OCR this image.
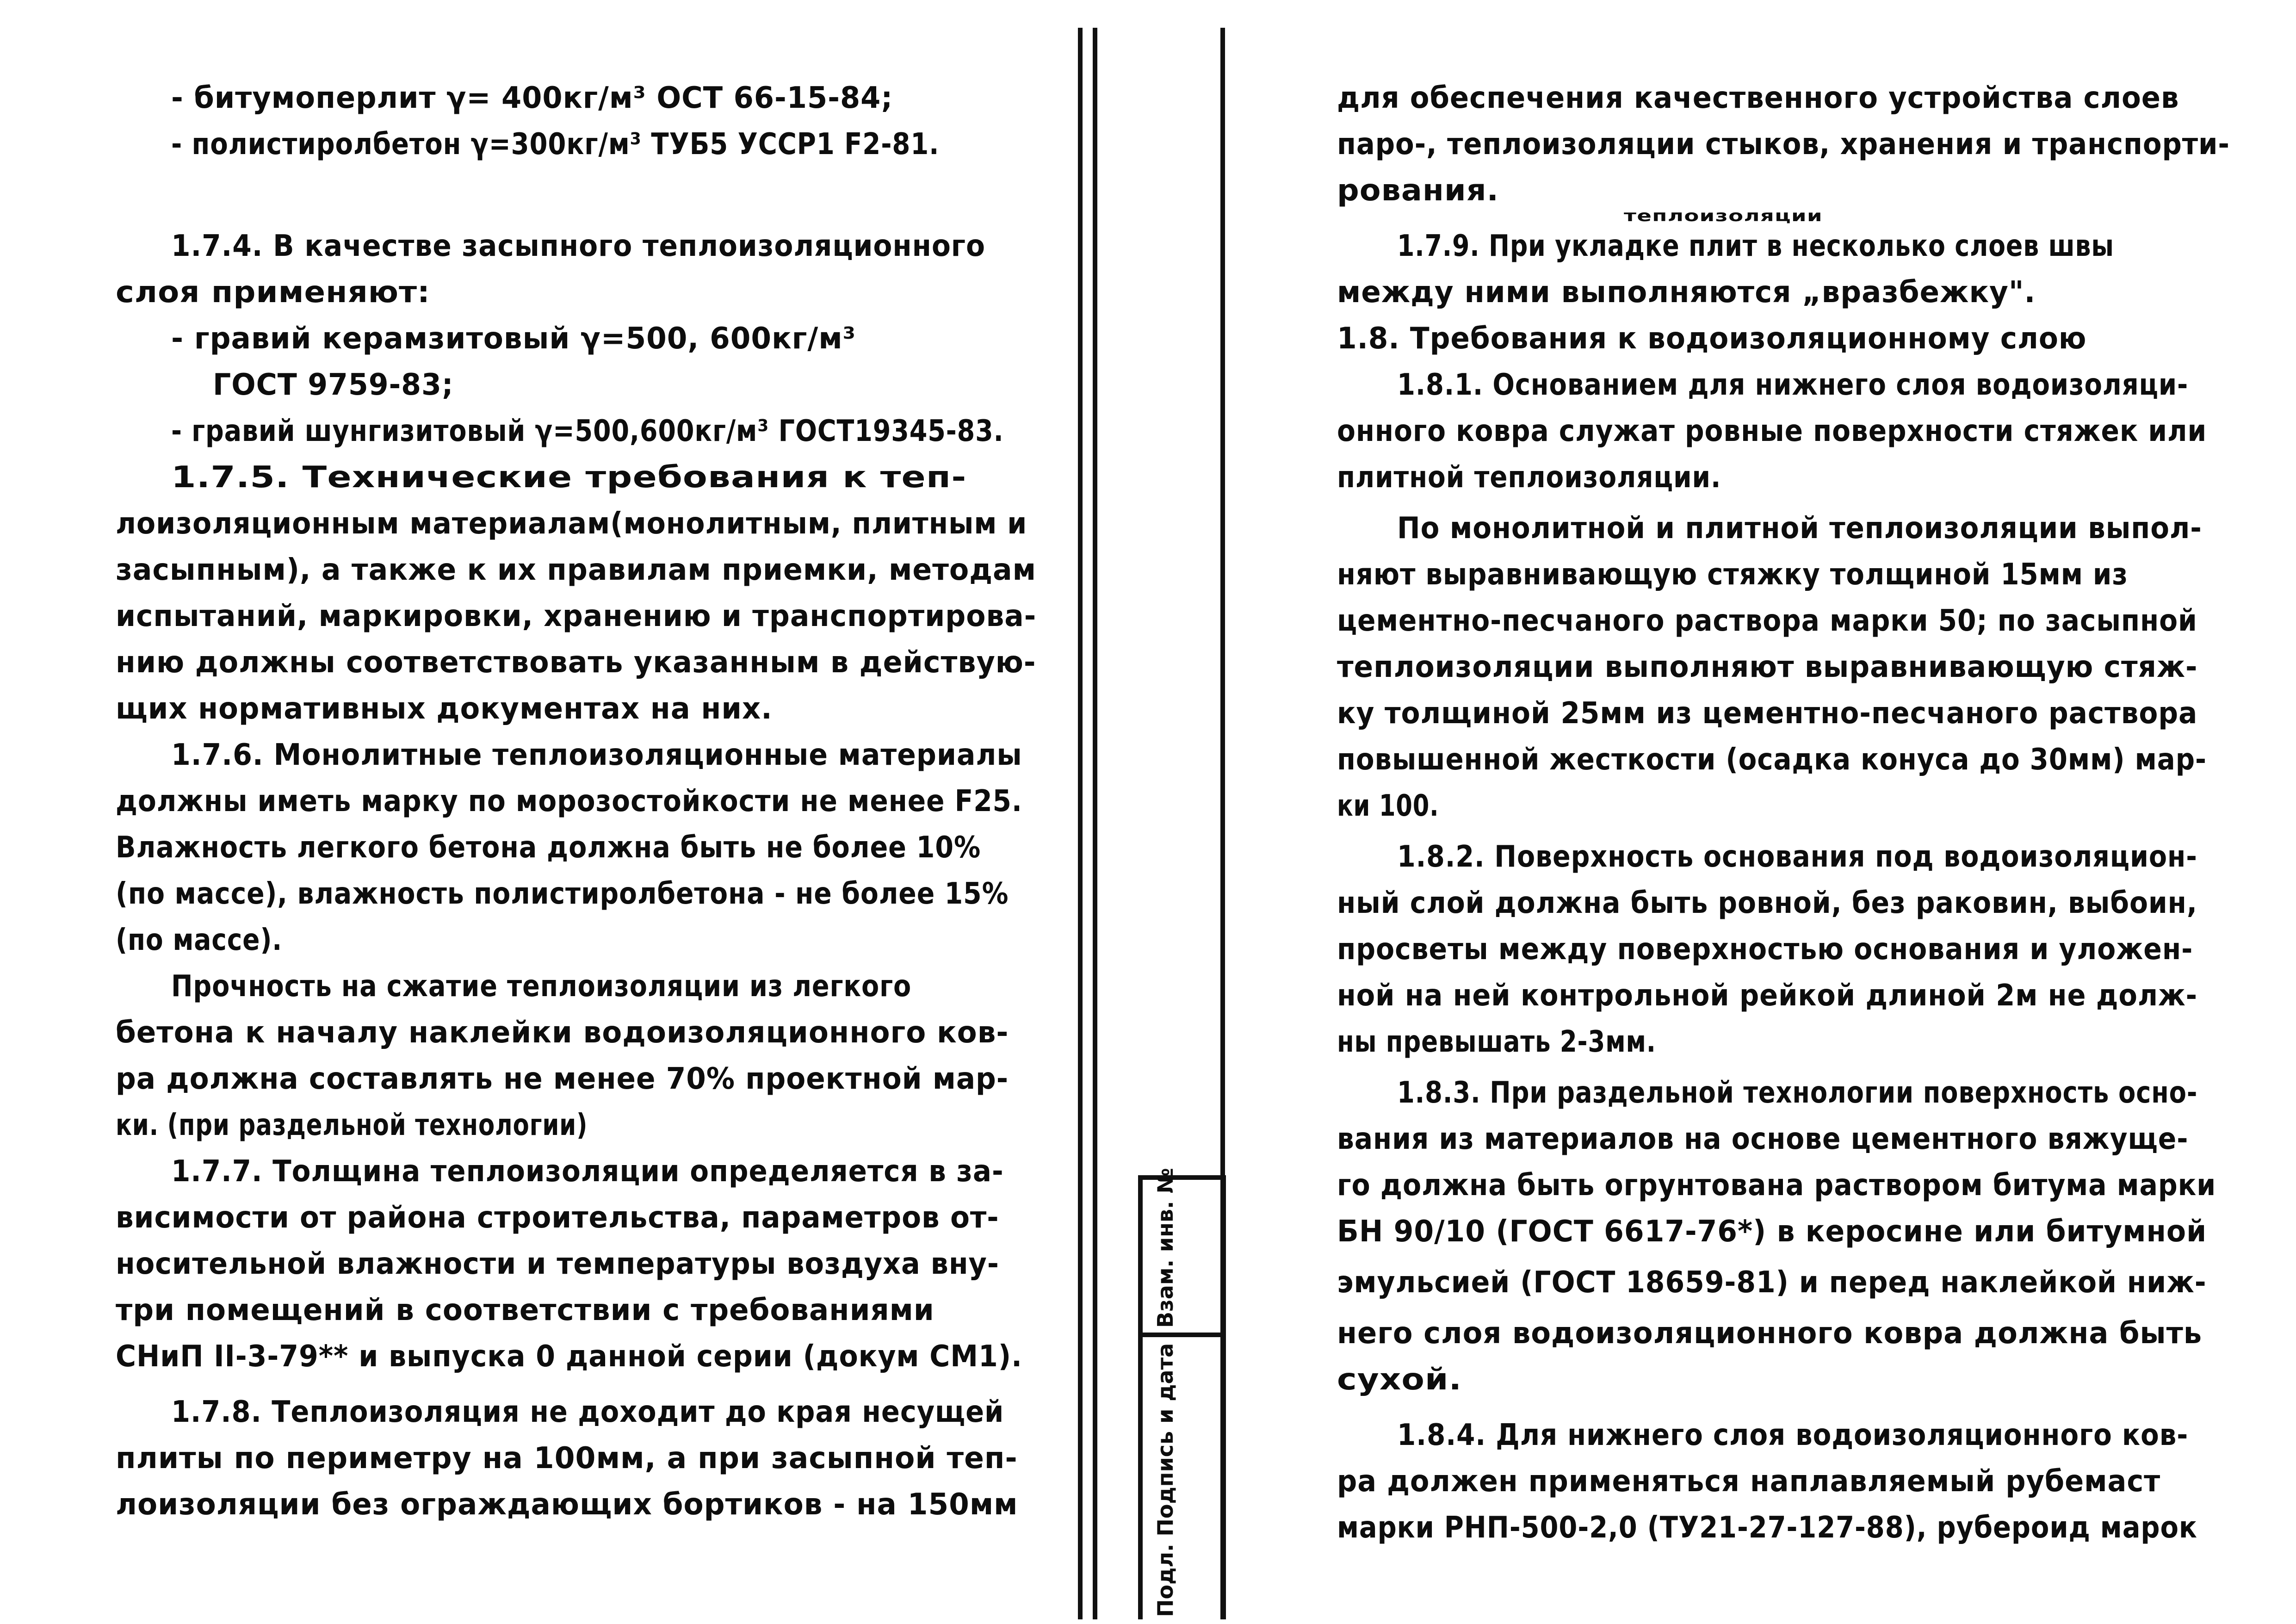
- битумоперлит γ= 400кг/м³ ОСТ 66-15-84;
- полистиролбетон γ=300кг/м³ ТУБ5 УССР1 F2-81.
1.7.4. В качестве засыпного теплоизоляционного
слоя применяют:
- гравий керамзитовый γ=500, 600кг/м³
ГОСТ 9759-83;
- гравий шунгизитовый γ=500,600кг/м³ ГОСТ19345-83.
1.7.5. Технические требования к теп-
лоизоляционным материалам(монолитным, плитным и
засыпным), а также к их правилам приемки, методам
испытаний, маркировки, хранению и транспортирова-
нию должны соответствовать указанным в действую-
щих нормативных документах на них.
1.7.6. Монолитные теплоизоляционные материалы
должны иметь марку по морозостойкости не менее F25.
Влажность легкого бетона должна быть не более 10%
(по массе), влажность полистиролбетона - не более 15%
(по массе).
Прочность на сжатие теплоизоляции из легкого
бетона к началу наклейки водоизоляционного ков-
ра должна составлять не менее 70% проектной мар-
ки. (при раздельной технологии)
1.7.7. Толщина теплоизоляции определяется в за-
висимости от района строительства, параметров от-
носительной влажности и температуры воздуха вну-
три помещений в соответствии с требованиями
СНиП II-3-79** и выпуска 0 данной серии (докум СМ1).
1.7.8. Теплоизоляция не доходит до края несущей
плиты по периметру на 100мм, а при засыпной теп-
лоизоляции без ограждающих бортиков - на 150мм
для обеспечения качественного устройства слоев
паро-, теплоизоляции стыков, хранения и транспорти-
рования.
теплоизоляции
1.7.9. При укладке плит в несколько слоев швы
между ними выполняются „вразбежку".
1.8. Требования к водоизоляционному слою
1.8.1. Основанием для нижнего слоя водоизоляци-
онного ковра служат ровные поверхности стяжек или
плитной теплоизоляции.
По монолитной и плитной теплоизоляции выпол-
няют выравнивающую стяжку толщиной 15мм из
цементно-песчаного раствора марки 50; по засыпной
теплоизоляции выполняют выравнивающую стяж-
ку толщиной 25мм из цементно-песчаного раствора
повышенной жесткости (осадка конуса до 30мм) мар-
ки 100.
1.8.2. Поверхность основания под водоизоляцион-
ный слой должна быть ровной, без раковин, выбоин,
просветы между поверхностью основания и уложен-
ной на ней контрольной рейкой длиной 2м не долж-
ны превышать 2-3мм.
1.8.3. При раздельной технологии поверхность осно-
вания из материалов на основе цементного вяжуще-
го должна быть огрунтована раствором битума марки
БН 90/10 (ГОСТ 6617-76*) в керосине или битумной
эмульсией (ГОСТ 18659-81) и перед наклейкой ниж-
него слоя водоизоляционного ковра должна быть
сухой.
1.8.4. Для нижнего слоя водоизоляционного ков-
ра должен применяться наплавляемый рубемаст
марки РНП-500-2,0 (ТУ21-27-127-88), рубероид марок
Взам. инв. №
Подл. Подпись и дата
